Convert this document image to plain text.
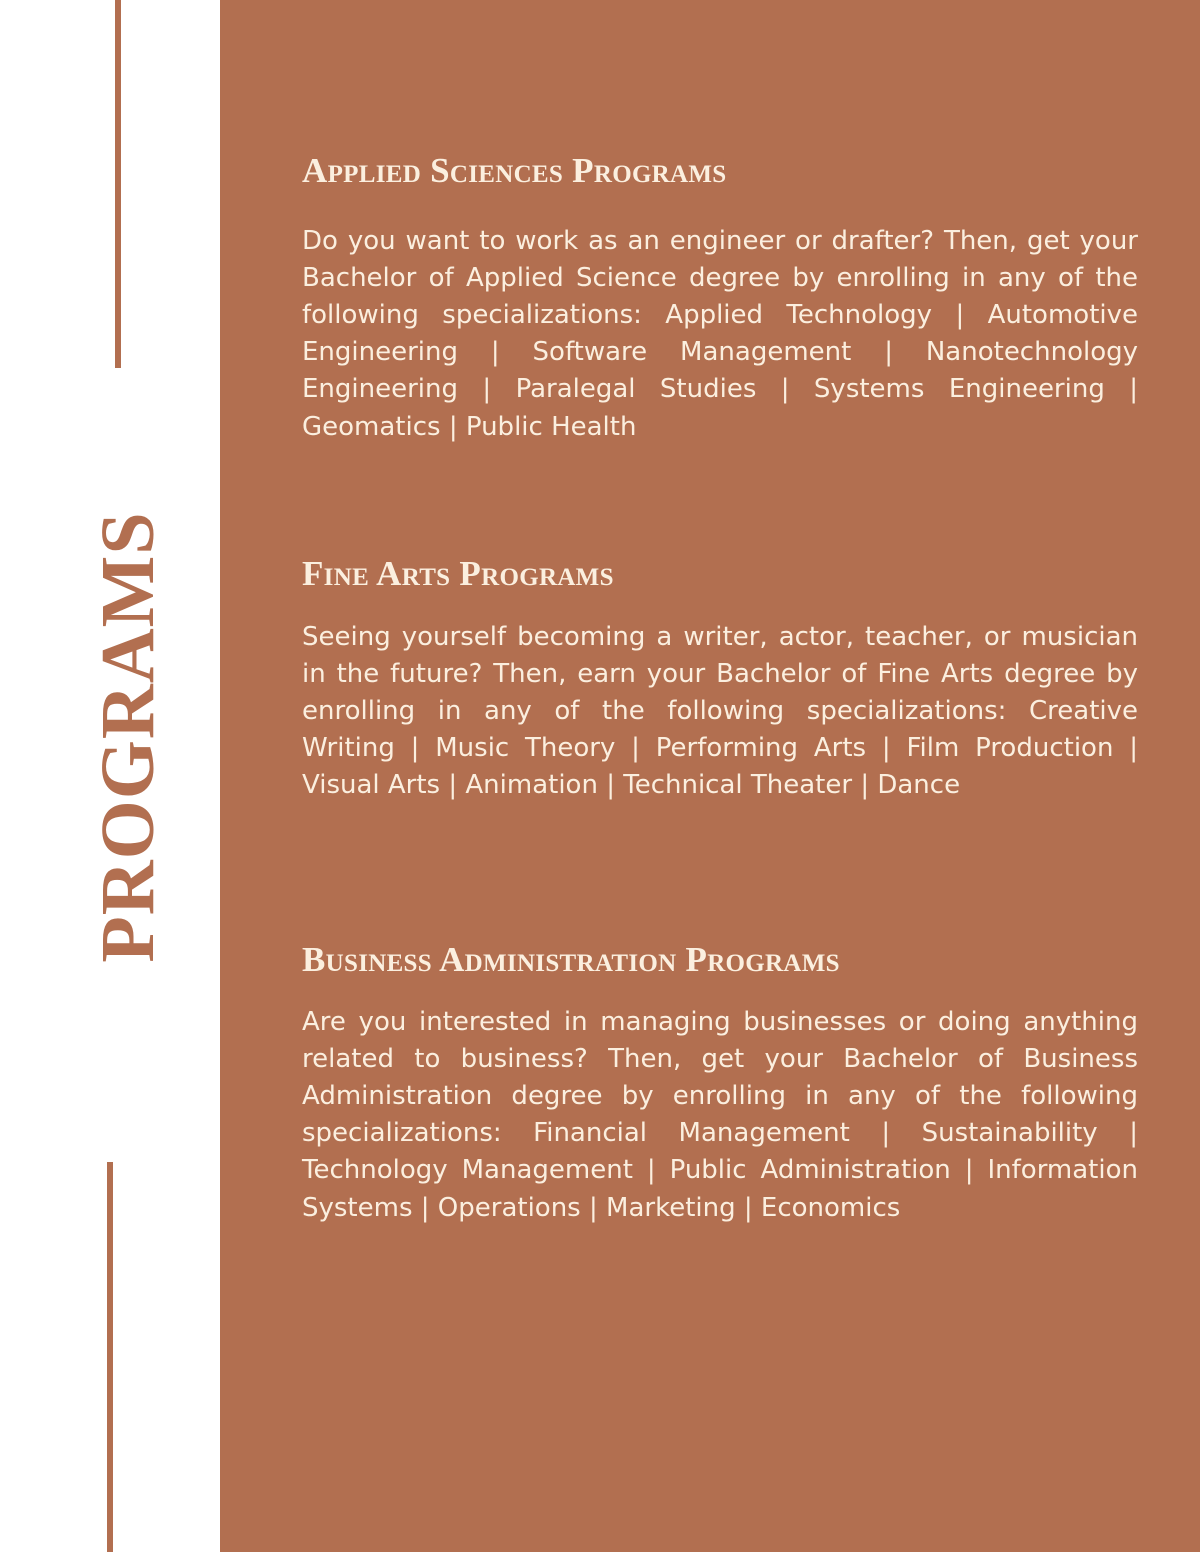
PROGRAMS
Applied Sciences Programs

Do you want to work as an engineer or drafter? Then, get your Bachelor of Applied Science degree by enrolling in any of the following specializations: Applied Technology | Automotive Engineering | Software Management | Nanotechnology Engineering | Paralegal Studies | Systems Engineering | Geomatics | Public Health

Fine Arts Programs

Seeing yourself becoming a writer, actor, teacher, or musician in the future? Then, earn your Bachelor of Fine Arts degree by enrolling in any of the following specializations: Creative Writing | Music Theory | Performing Arts | Film Production | Visual Arts | Animation | Technical Theater | Dance

Business Administration Programs

Are you interested in managing businesses or doing anything related to business? Then, get your Bachelor of Business Administration degree by enrolling in any of the following specializations: Financial Management | Sustainability | Technology Management | Public Administration | Information Systems | Operations | Marketing | Economics
